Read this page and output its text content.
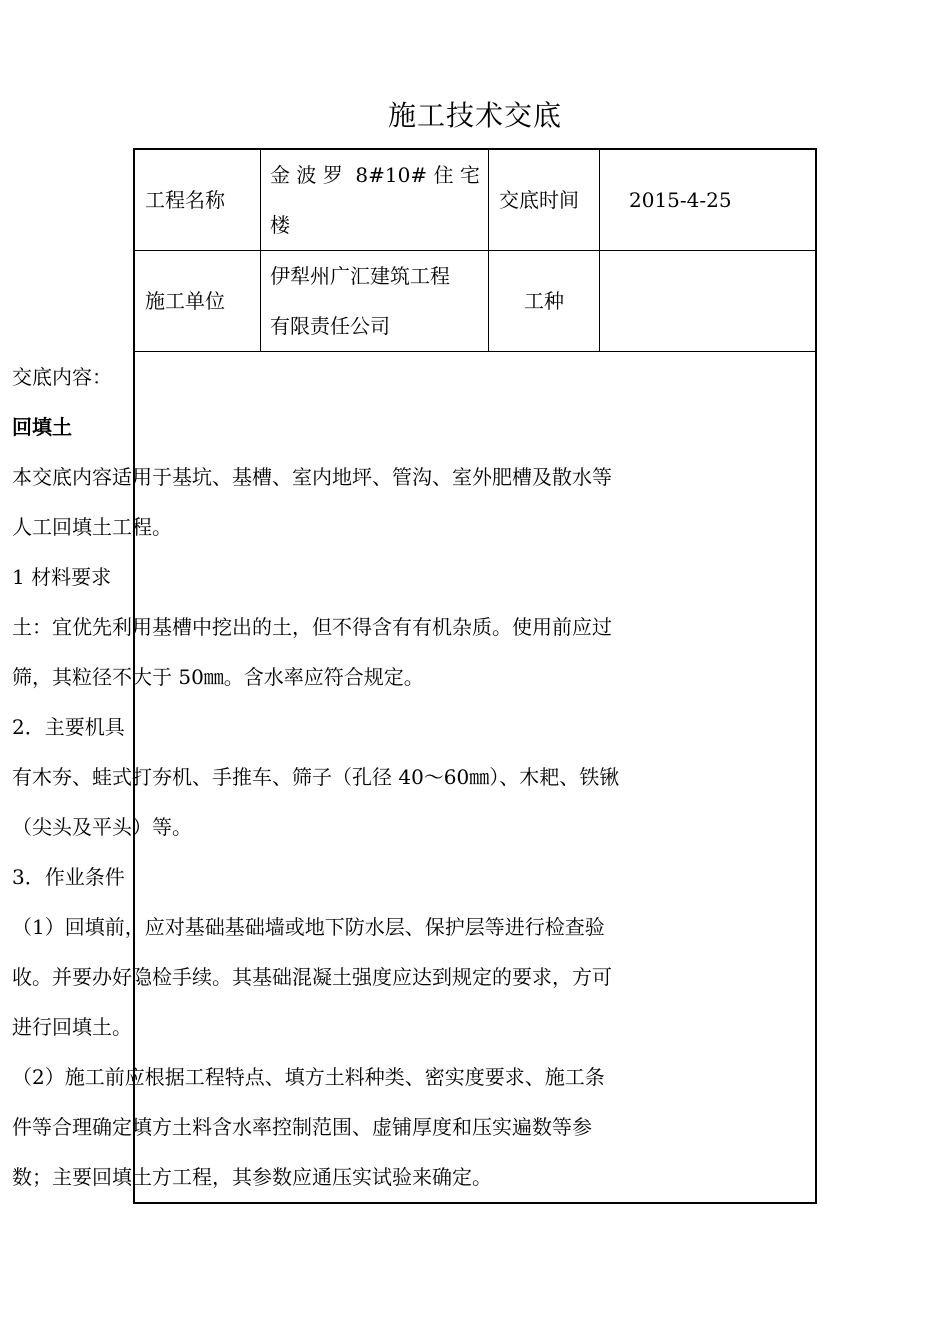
施工技术交底
工程名称
金 波 罗  8#10# 住 宅
楼
交底时间	2015-4-25
施工单位
伊犁州广汇建筑工程
有限责任公司
工种

交底内容：

回填土

本交底内容适用于基坑、基槽、室内地坪、管沟、室外肥槽及散水等

人工回填土工程。

1 材料要求

土：宜优先利用基槽中挖出的土，但不得含有有机杂质。使用前应过

筛，其粒径不大于 50㎜。含水率应符合规定。

2．主要机具

有木夯、蛙式打夯机、手推车、筛子（孔径 40～60㎜）、木耙、铁锹

（尖头及平头）等。

3．作业条件

（1）回填前，应对基础基础墙或地下防水层、保护层等进行检查验

收。并要办好隐检手续。其基础混凝土强度应达到规定的要求，方可

进行回填土。

（2）施工前应根据工程特点、填方土料种类、密实度要求、施工条

件等合理确定填方土料含水率控制范围、虚铺厚度和压实遍数等参

数；主要回填土方工程，其参数应通压实试验来确定。
